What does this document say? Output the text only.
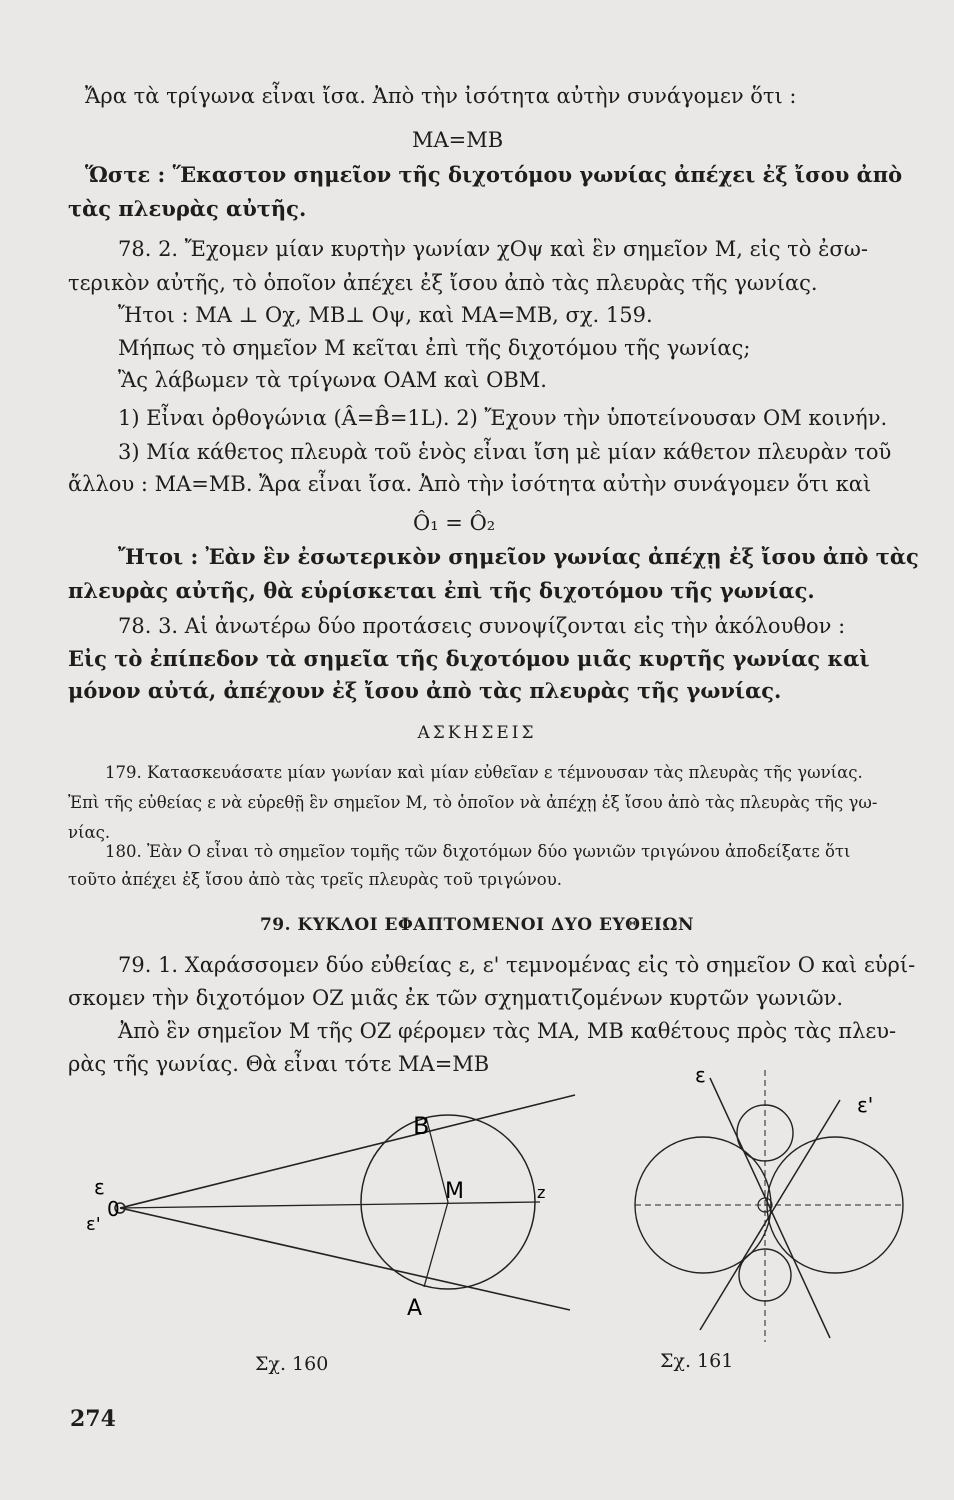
Ἄρα τὰ τρίγωνα εἶναι ἴσα. Ἀπὸ τὴν ἰσότητα αὐτὴν συνάγομεν ὅτι :
MA=MB
Ὥστε : Ἕκαστον σημεῖον τῆς διχοτόμου γωνίας ἀπέχει ἐξ ἴσου ἀπὸ
τὰς πλευρὰς αὐτῆς.
78. 2. Ἔχομεν μίαν κυρτὴν γωνίαν χΟψ καὶ ἓν σημεῖον Μ, εἰς τὸ ἐσω-
τερικὸν αὐτῆς, τὸ ὁποῖον ἀπέχει ἐξ ἴσου ἀπὸ τὰς πλευρὰς τῆς γωνίας.
Ἤτοι : MA ⊥ Oχ, MB⊥ Oψ, καὶ MA=MB, σχ. 159.
Μήπως τὸ σημεῖον Μ κεῖται ἐπὶ τῆς διχοτόμου τῆς γωνίας;
Ἂς λάβωμεν τὰ τρίγωνα ΟΑΜ καὶ ΟΒΜ.
1) Εἶναι ὀρθογώνια (Â=B̂=1L). 2) Ἔχουν τὴν ὑποτείνουσαν ΟΜ κοινήν.
3) Μία κάθετος πλευρὰ τοῦ ἑνὸς εἶναι ἴση μὲ μίαν κάθετον πλευρὰν τοῦ
ἄλλου : MA=MB. Ἄρα εἶναι ἴσα. Ἀπὸ τὴν ἰσότητα αὐτὴν συνάγομεν ὅτι καὶ
Ô₁ = Ô₂
Ἤτοι : Ἐὰν ἓν ἐσωτερικὸν σημεῖον γωνίας ἀπέχῃ ἐξ ἴσου ἀπὸ τὰς
πλευρὰς αὐτῆς, θὰ εὑρίσκεται ἐπὶ τῆς διχοτόμου τῆς γωνίας.
78. 3. Αἱ ἀνωτέρω δύο προτάσεις συνοψίζονται εἰς τὴν ἀκόλουθον :
Εἰς τὸ ἐπίπεδον τὰ σημεῖα τῆς διχοτόμου μιᾶς κυρτῆς γωνίας καὶ
μόνον αὐτά, ἀπέχουν ἐξ ἴσου ἀπὸ τὰς πλευρὰς τῆς γωνίας.
ΑΣΚΗΣΕΙΣ
179. Κατασκευάσατε μίαν γωνίαν καὶ μίαν εὐθεῖαν ε τέμνουσαν τὰς πλευρὰς τῆς γωνίας.
Ἐπὶ τῆς εὐθείας ε νὰ εὑρεθῇ ἓν σημεῖον Μ, τὸ ὁποῖον νὰ ἀπέχῃ ἐξ ἴσου ἀπὸ τὰς πλευρὰς τῆς γω-
νίας.
180. Ἐὰν Ο εἶναι τὸ σημεῖον τομῆς τῶν διχοτόμων δύο γωνιῶν τριγώνου ἀποδείξατε ὅτι
τοῦτο ἀπέχει ἐξ ἴσου ἀπὸ τὰς τρεῖς πλευρὰς τοῦ τριγώνου.
79. ΚΥΚΛΟΙ ΕΦΑΠΤΟΜΕΝΟΙ ΔΥΟ ΕΥΘΕΙΩΝ
79. 1. Χαράσσομεν δύο εὐθείας ε, ε' τεμνομένας εἰς τὸ σημεῖον Ο καὶ εὑρί-
σκομεν τὴν διχοτόμον ΟΖ μιᾶς ἐκ τῶν σχηματιζομένων κυρτῶν γωνιῶν.
Ἀπὸ ἓν σημεῖον Μ τῆς ΟΖ φέρομεν τὰς ΜΑ, ΜΒ καθέτους πρὸς τὰς πλευ-
ρὰς τῆς γωνίας. Θὰ εἶναι τότε MA=MB
ε
ε'
0
B
M
A
z
Σχ. 160
ε
ε'
Σχ. 161
274
